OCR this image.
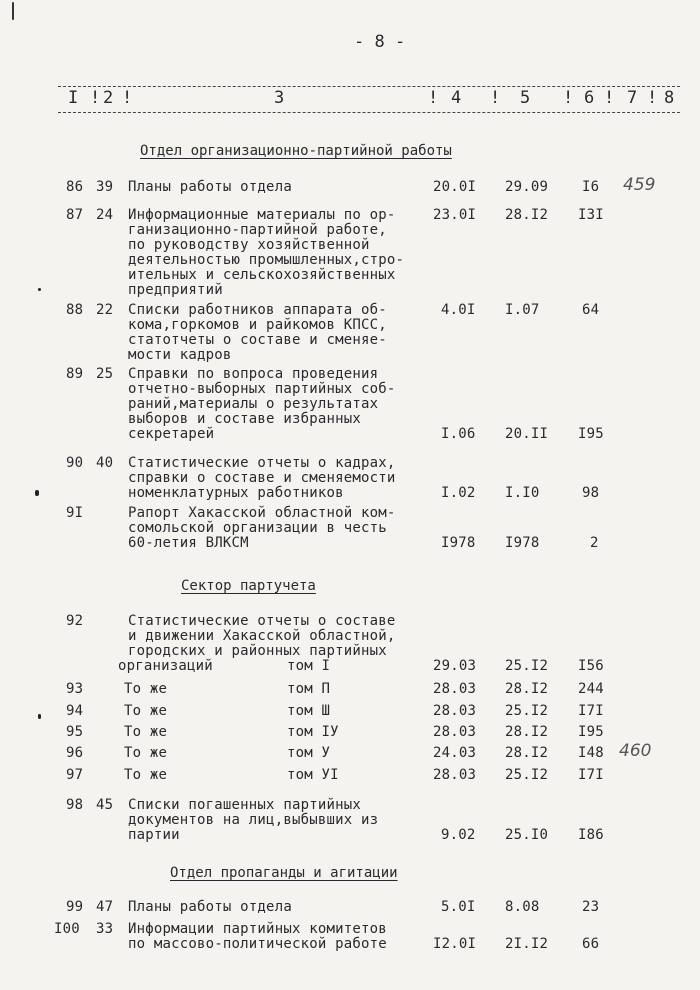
- 8 -
I ! 2 !	3	! 4 ! 5 ! 6 ! 7 ! 8
Отдел организационно-партийной работы
Сектор партучета
Отдел пропаганды и агитации
86 39 Планы работы отдела	20.0I 29.09 I6
87 24 Информационные материалы по ор-
ганизационно-партийной работе,
по руководству хозяйственной
деятельностью промышленных,стро-
ительных и сельскохозяйственных
предприятий
23.0I 28.I2 I3I
88 22 Списки работников аппарата об-
кома,горкомов и райкомов КПСС,
статотчеты о составе и сменяе-
мости кадров
4.0I I.07	64
89 25 Справки по вопроса проведения
отчетно-выборных партийных соб-
раний,материалы о результатах
выборов и составе избранных
секретарей	I.06 20.II I95
90 40 Статистические отчеты о кадрах,
справки о составе и сменяемости
номенклатурных работников	I.02 I.I0	98
9I	Рапорт Хакасской областной ком-
сомольской организации в честь
60-летия ВЛКСМ	I978 I978	2
92	Статистические отчеты о составе
и движении Хакасской областной,
городских и районных партийных
организаций	том I	29.03 25.I2 I56
93	То же	том П	28.03 28.I2 244
94	То же	том Ш	28.03 25.I2 I7I
95	То же	том IУ	28.03 28.I2 I95
96	То же	том У	24.03 28.I2 I48
97	То же	том УI	28.03 25.I2 I7I
98 45 Списки погашенных партийных
документов на лиц,выбывших из
партии	9.02 25.I0 I86
99 47 Планы работы отдела	5.0I 8.08	23
I00 33 Информации партийных комитетов
по массово-политической работе	I2.0I 2I.I2 66
459
460
